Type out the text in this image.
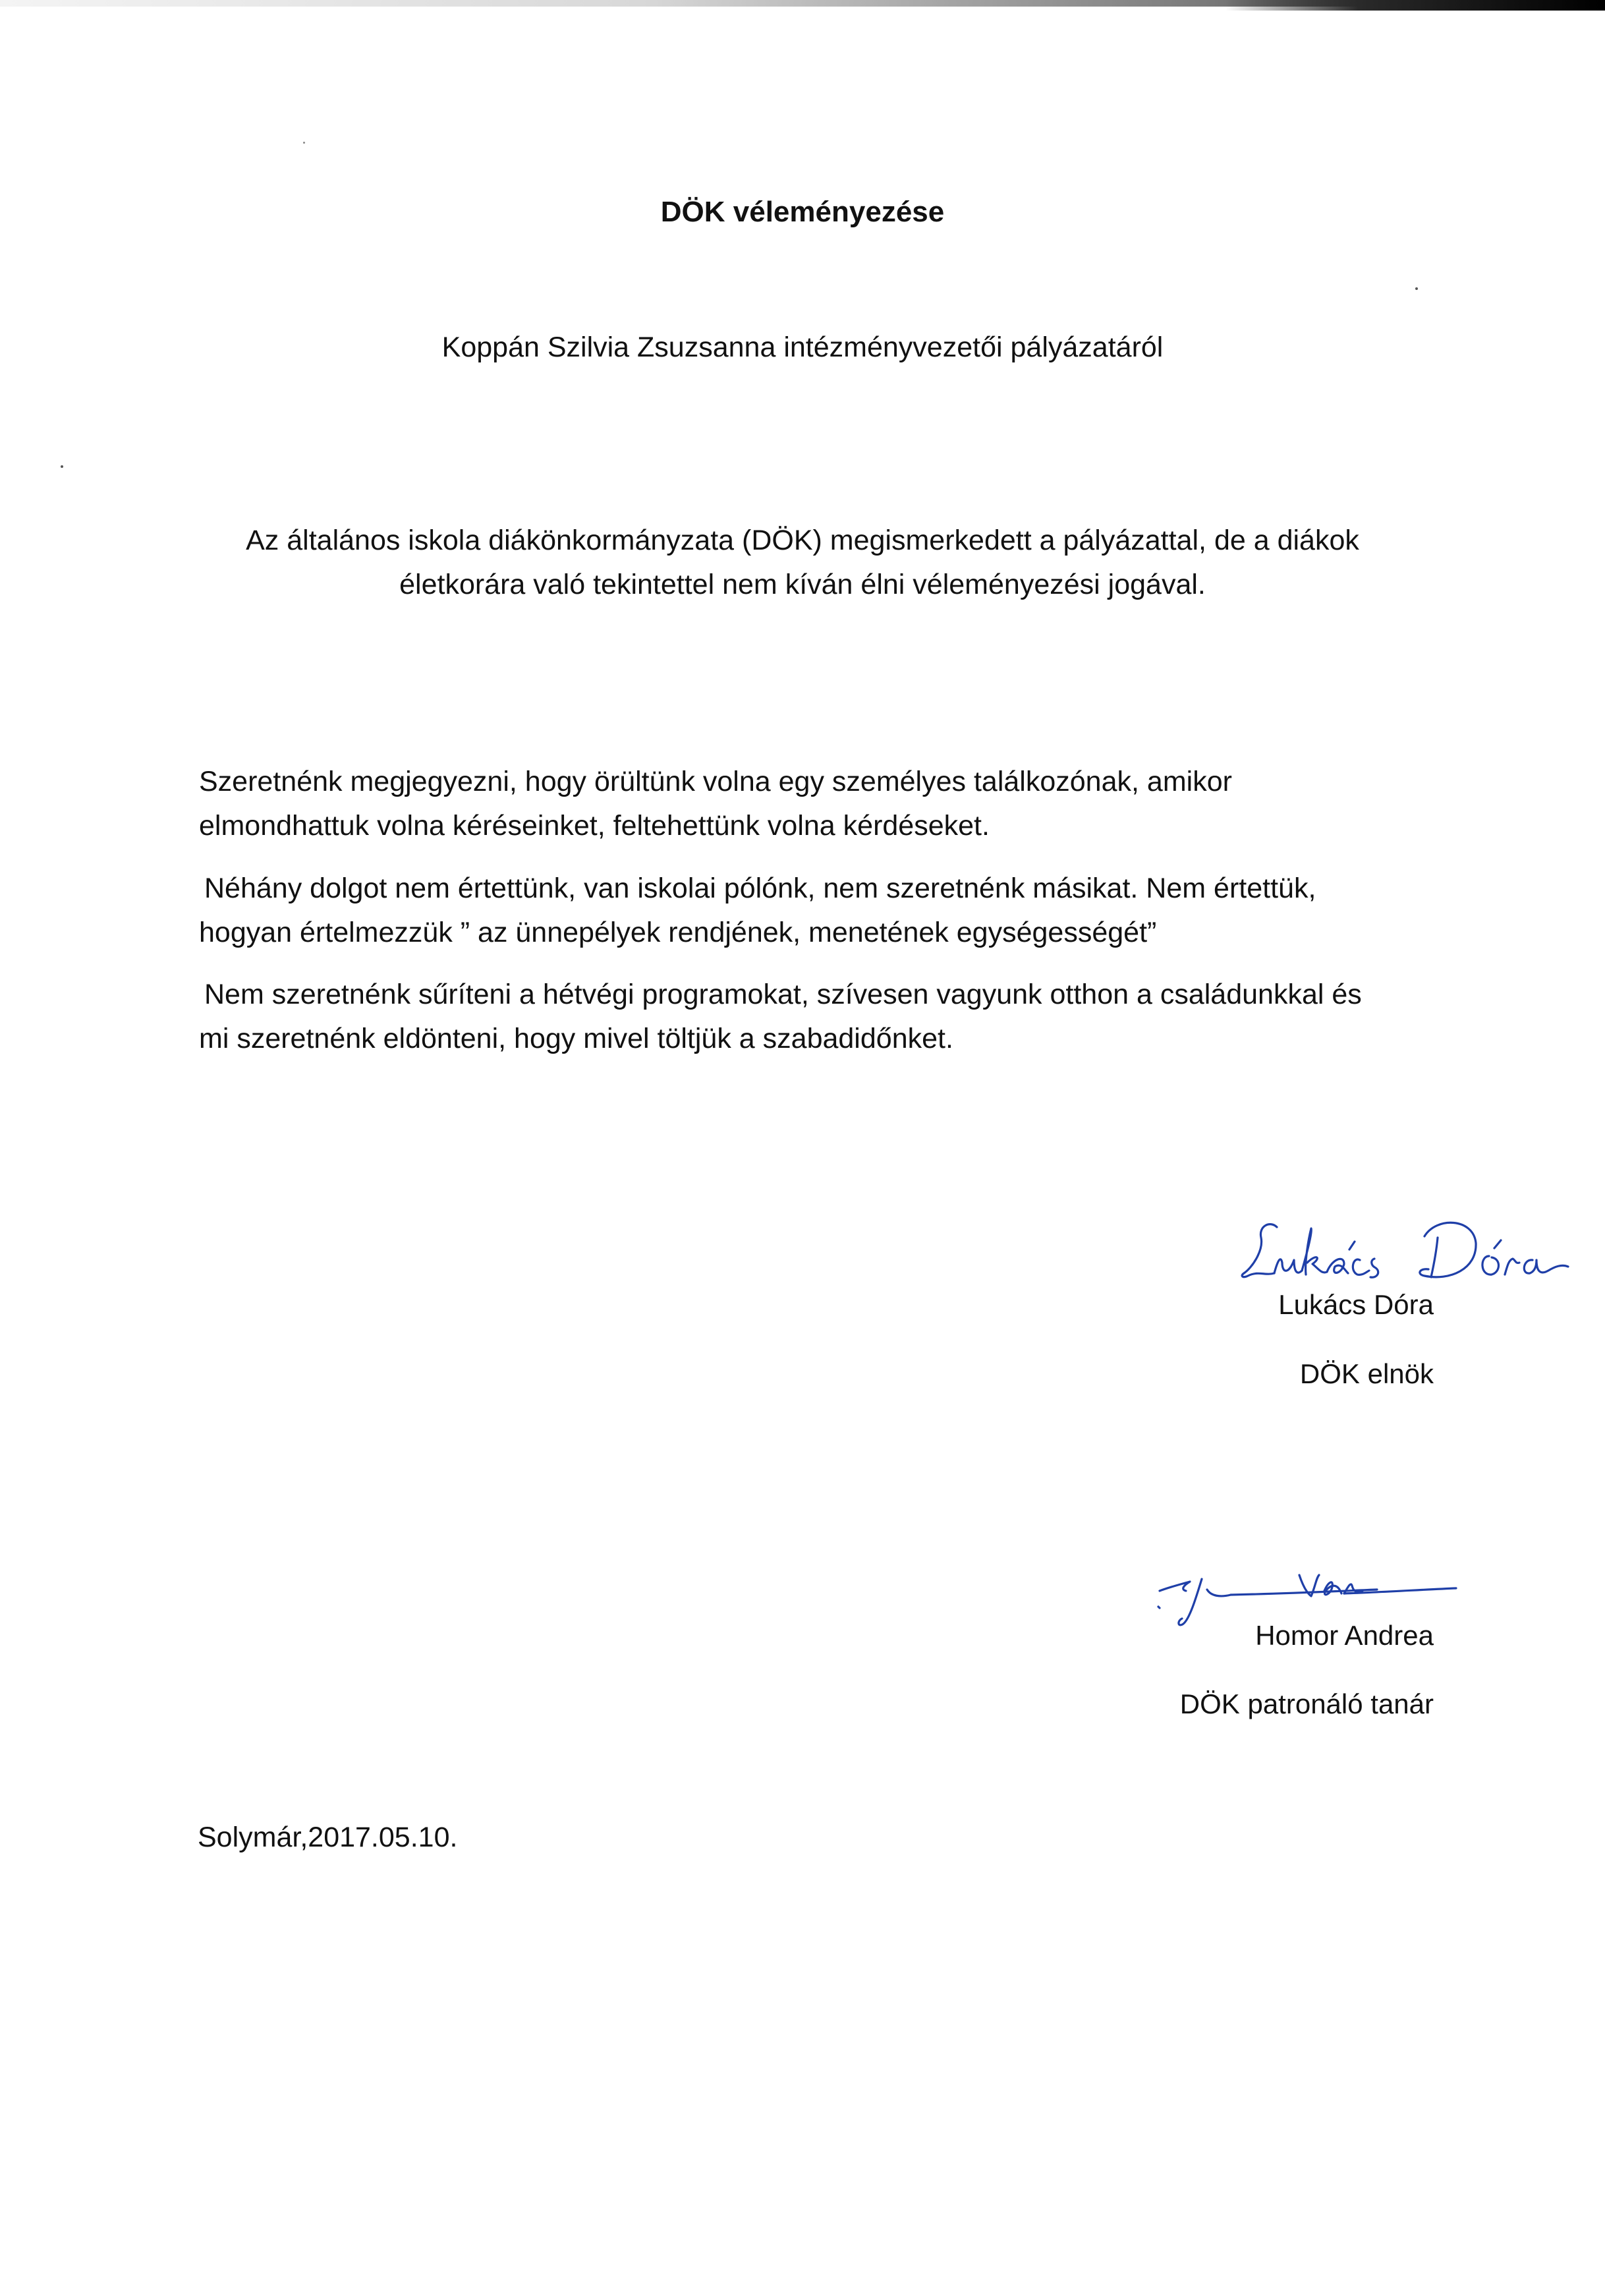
DÖK véleményezése
Koppán Szilvia Zsuzsanna intézményvezetői pályázatáról
Az általános iskola diákönkormányzata (DÖK) megismerkedett a pályázattal, de a diákok
életkorára való tekintettel nem kíván élni véleményezési jogával.
Szeretnénk megjegyezni, hogy örültünk volna egy személyes találkozónak, amikor
elmondhattuk volna kéréseinket, feltehettünk volna kérdéseket.
Néhány dolgot nem értettünk, van iskolai pólónk, nem szeretnénk másikat. Nem értettük,
hogyan értelmezzük ” az ünnepélyek rendjének, menetének egységességét”
Nem szeretnénk sűríteni a hétvégi programokat, szívesen vagyunk otthon a családunkkal és
mi szeretnénk eldönteni, hogy mivel töltjük a szabadidőnket.
Lukács Dóra
DÖK elnök
Homor Andrea
DÖK patronáló tanár
Solymár,2017.05.10.
